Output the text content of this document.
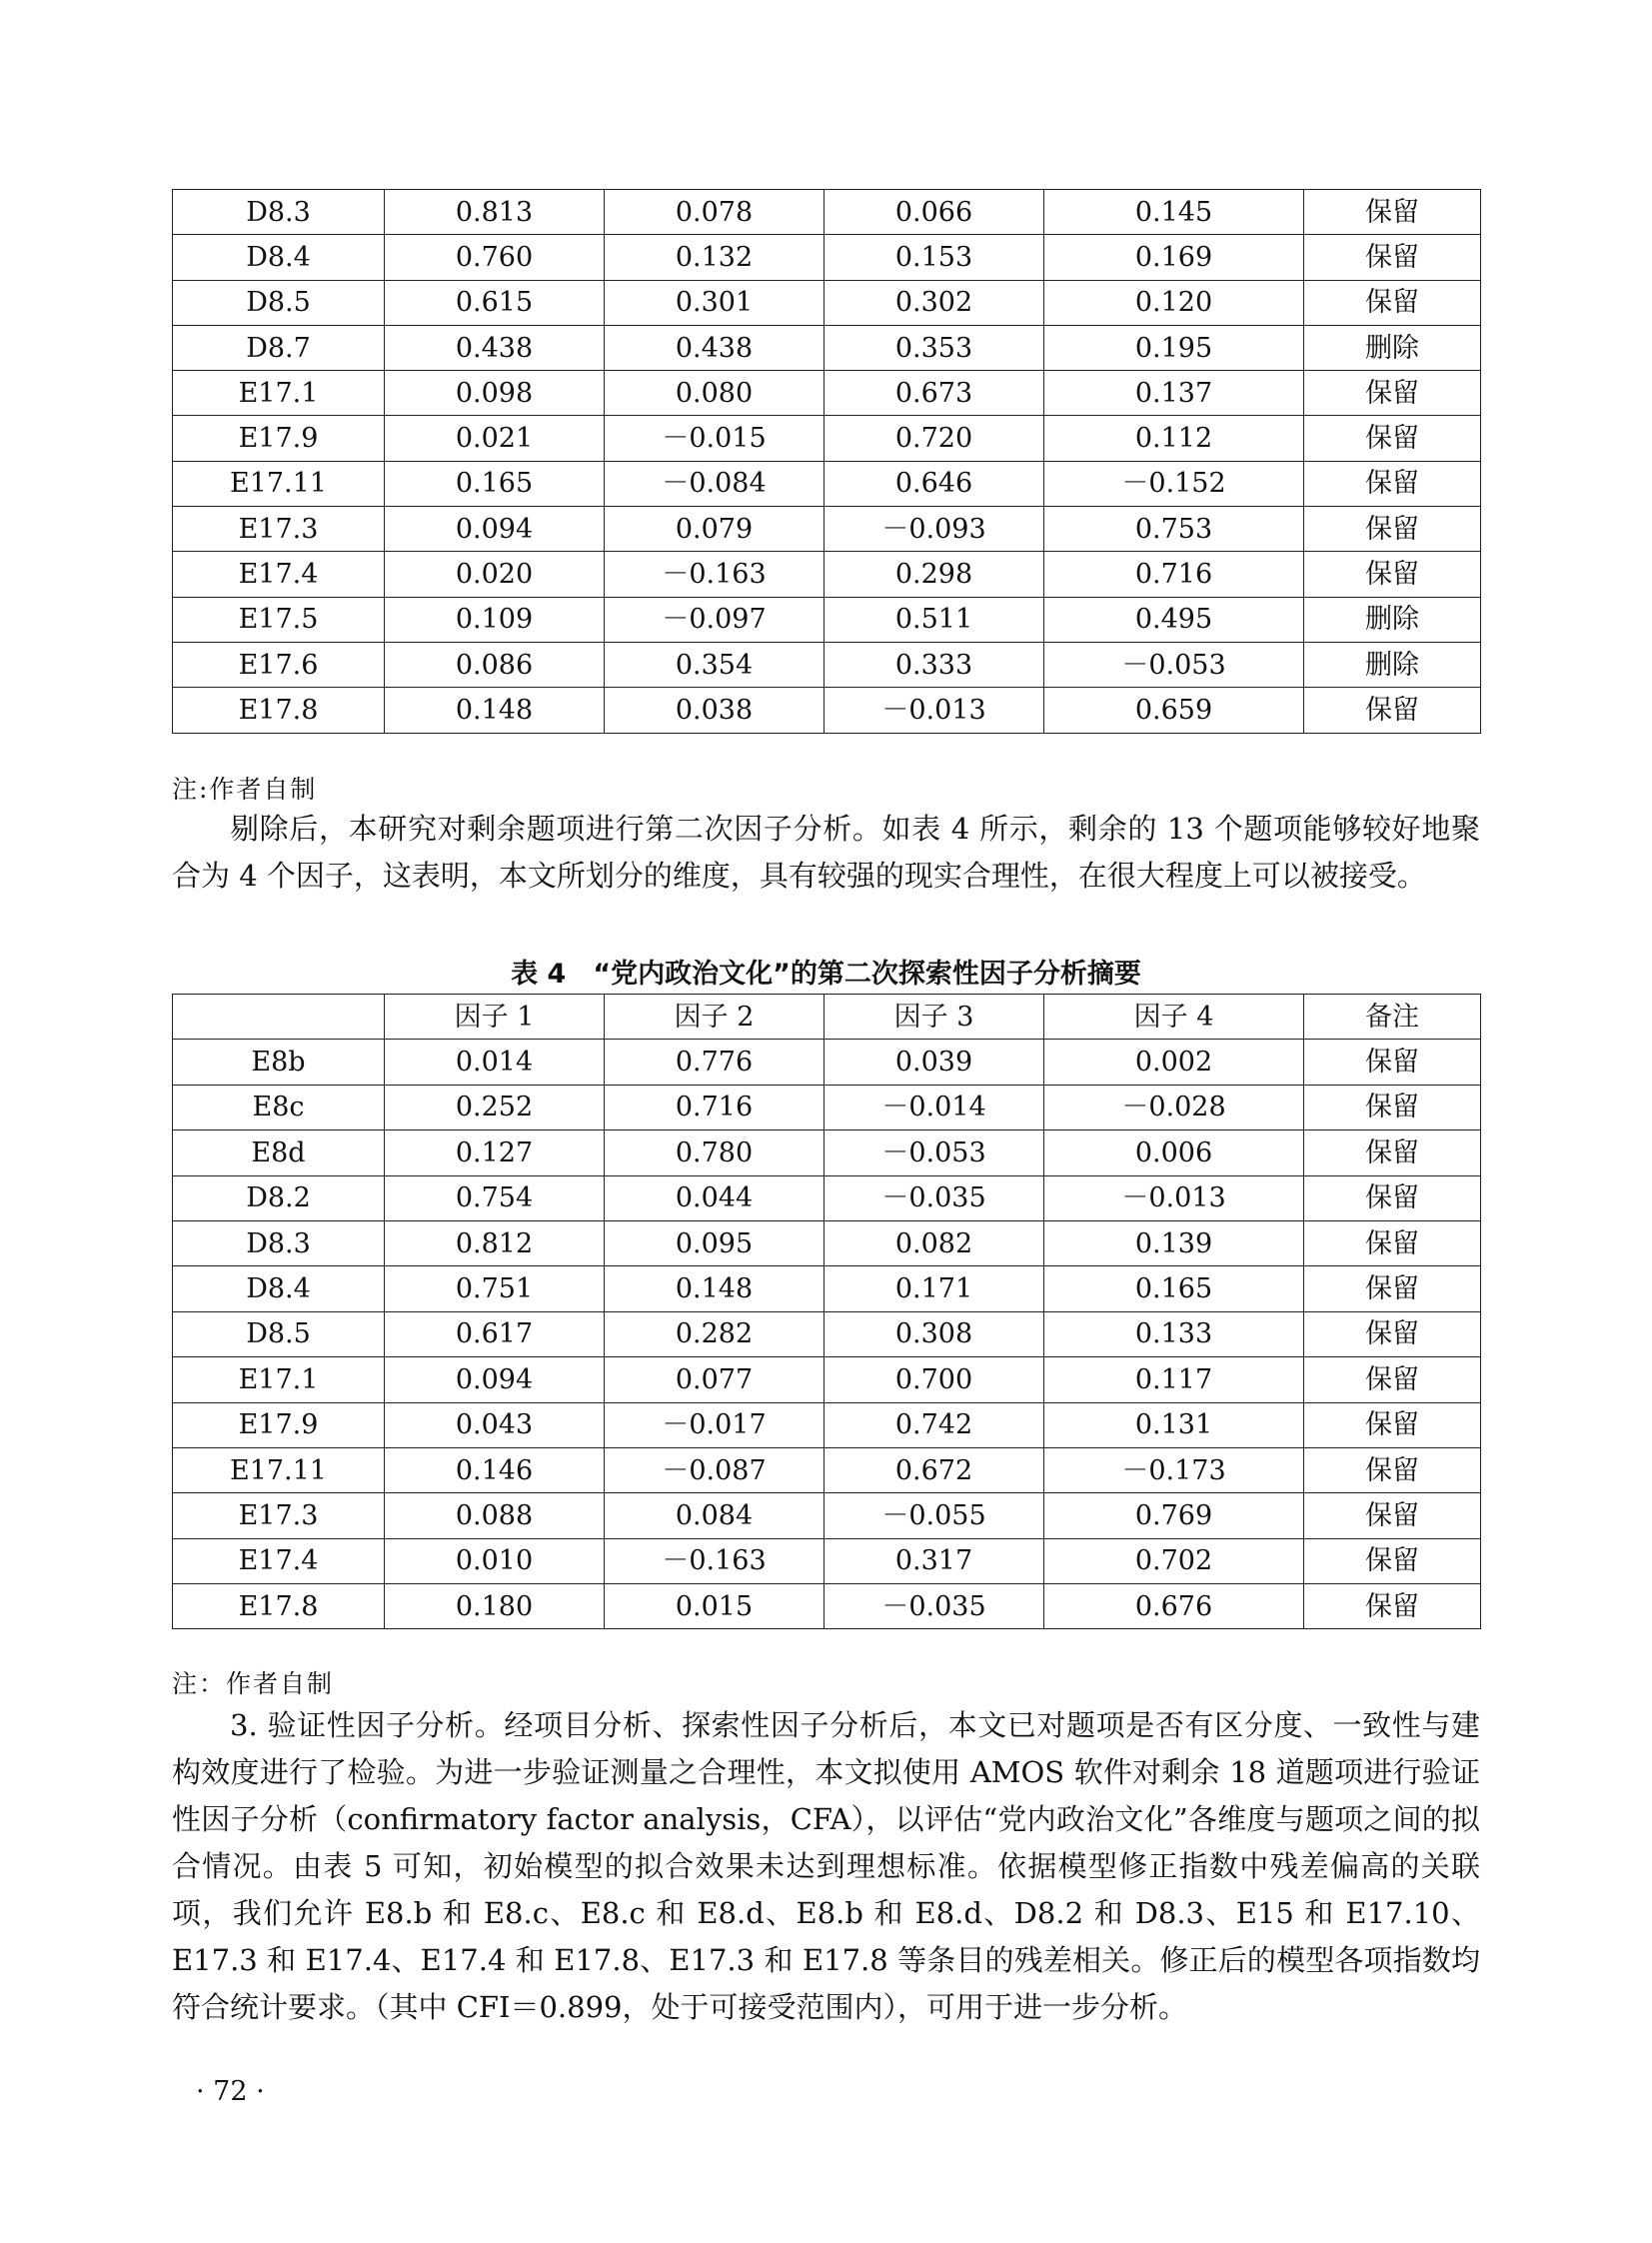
D8.3	0.813	0.078	0.066	0.145	保留
D8.4	0.760	0.132	0.153	0.169	保留
D8.5	0.615	0.301	0.302	0.120	保留
D8.7	0.438	0.438	0.353	0.195	删除
E17.1	0.098	0.080	0.673	0.137	保留
E17.9	0.021	－0.015	0.720	0.112	保留
E17.11	0.165	－0.084	0.646	－0.152	保留
E17.3	0.094	0.079	－0.093	0.753	保留
E17.4	0.020	－0.163	0.298	0.716	保留
E17.5	0.109	－0.097	0.511	0.495	删除
E17.6	0.086	0.354	0.333	－0.053	删除
E17.8	0.148	0.038	－0.013	0.659	保留
注:作者自制

剔除后，本研究对剩余题项进行第二次因子分析。如表 4 所示，剩余的 13 个题项能够较好地聚合为 4 个因子，这表明，本文所划分的维度，具有较强的现实合理性，在很大程度上可以被接受。

表 4　“党内政治文化”的第二次探索性因子分析摘要
	因子 1	因子 2	因子 3	因子 4	备注
E8b	0.014	0.776	0.039	0.002	保留
E8c	0.252	0.716	－0.014	－0.028	保留
E8d	0.127	0.780	－0.053	0.006	保留
D8.2	0.754	0.044	－0.035	－0.013	保留
D8.3	0.812	0.095	0.082	0.139	保留
D8.4	0.751	0.148	0.171	0.165	保留
D8.5	0.617	0.282	0.308	0.133	保留
E17.1	0.094	0.077	0.700	0.117	保留
E17.9	0.043	－0.017	0.742	0.131	保留
E17.11	0.146	－0.087	0.672	－0.173	保留
E17.3	0.088	0.084	－0.055	0.769	保留
E17.4	0.010	－0.163	0.317	0.702	保留
E17.8	0.180	0.015	－0.035	0.676	保留
注：作者自制

3. 验证性因子分析。经项目分析、探索性因子分析后，本文已对题项是否有区分度、一致性与建构效度进行了检验。为进一步验证测量之合理性，本文拟使用 AMOS 软件对剩余 18 道题项进行验证性因子分析（confirmatory factor analysis，CFA），以评估“党内政治文化”各维度与题项之间的拟合情况。由表 5 可知，初始模型的拟合效果未达到理想标准。依据模型修正指数中残差偏高的关联项，我们允许 E8.b 和 E8.c、E8.c 和 E8.d、E8.b 和 E8.d、D8.2 和 D8.3、E15 和 E17.10、E17.3 和 E17.4、E17.4 和 E17.8、E17.3 和 E17.8 等条目的残差相关。修正后的模型各项指数均符合统计要求。（其中 CFI＝0.899，处于可接受范围内），可用于进一步分析。

· 72 ·
